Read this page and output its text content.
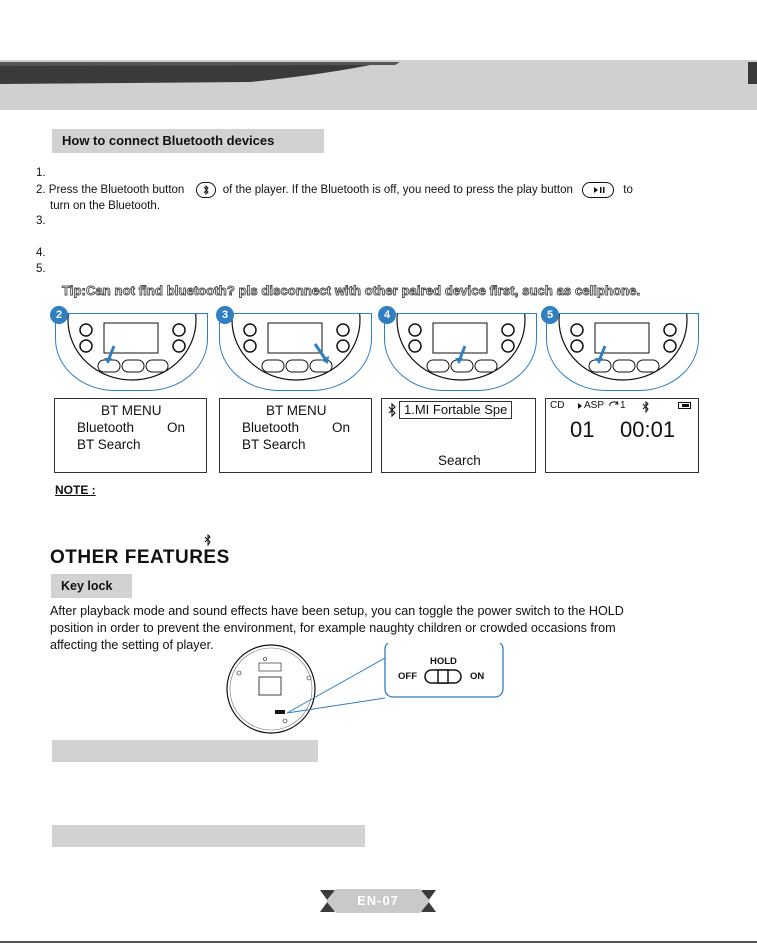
How to connect Bluetooth devices
1.
2. Press the Bluetooth button	of the player. If the Bluetooth is off, you need to press the play button	to
turn on the Bluetooth.
3.
4.
5.
Tip:Can not find bluetooth? pls disconnect with other paired device first, such as cellphone.
2	3	4	5
BT MENU
Bluetooth On
BT Search
BT MENU
Bluetooth On
BT Search
1.MI Fortable Spe
Search
CD ASP 1
01 00:01
NOTE :
OTHER FEATURES
Key lock
After playback mode and sound effects have been setup, you can toggle the power switch to the HOLD
position in order to prevent the environment, for example naughty children or crowded occasions from
affecting the setting of player.
HOLD
OFF	ON
EN-07
